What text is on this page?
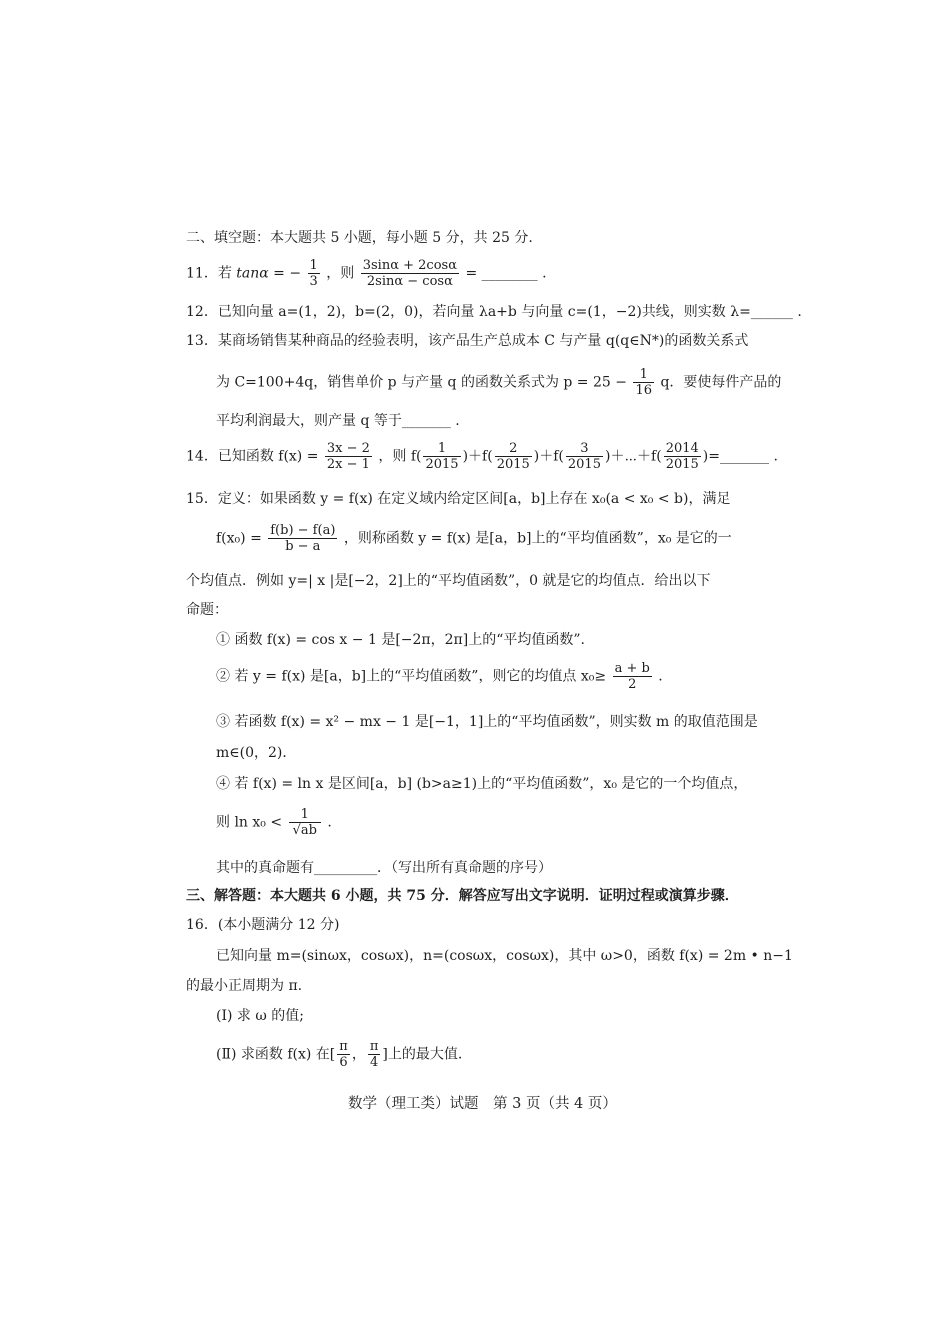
二、填空题：本大题共 5 小题，每小题 5 分，共 25 分.
11．若 tanα = − $\frac{1}{3}$ ，则 $\frac{3\sin\alpha + 2\cos\alpha}{2\sin\alpha - \cos\alpha}$ = ________ .
12．已知向量 a=(1，2)，b=(2，0)，若向量 λa+b 与向量 c=(1，−2)共线，则实数 λ=______ .
13．某商场销售某种商品的经验表明，该产品生产总成本 C 与产量 q(q∈N*)的函数关系式
为 C=100+4q，销售单价 p 与产量 q 的函数关系式为 $p = 25 - \frac{1}{16}$ q．要使每件产品的
平均利润最大，则产量 q 等于_______ .
14．已知函数 $f(x) = \frac{3x - 2}{2x - 1}$ ，则 $f( \frac{1}{2015} )+f( \frac{2}{2015} )+f( \frac{3}{2015}$ )＋⋯＋f( $\frac{2014}{2015}$ )=_______ .
15．定义：如果函数 y = f(x) 在定义域内给定区间[a，b]上存在 x₀(a < x₀ < b)，满足
$f(x_0) = \frac{f(b) - f(a)}{b - a}$ ，则称函数 y = f(x) 是[a，b]上的“平均值函数”，x₀ 是它的一
个均值点．例如 y=| x |是[−2，2]上的“平均值函数”，0 就是它的均值点．给出以下
命题：
① 函数 f(x) = cos x − 1 是[−2π，2π]上的“平均值函数”.
② 若 y = f(x) 是[a，b]上的“平均值函数”，则它的均值点 $x_0\ge \frac{a + b}{2}$ .
③ 若函数 f(x) = x² − mx − 1 是[−1，1]上的“平均值函数”，则实数 m 的取值范围是
m∈(0，2)．
④ 若 f(x) = ln x 是区间[a，b] (b>a≥1)上的“平均值函数”，x₀ 是它的一个均值点，
则 $\ln x_0 < \frac{1}{√ab}$ .
其中的真命题有_________．（写出所有真命题的序号）
三、解答题：本大题共 6 小题，共 75 分．解答应写出文字说明．证明过程或演算步骤．
16．(本小题满分 12 分)
已知向量 m=(sinωx，cosωx)，n=(cosωx，cosωx)，其中 ω>0，函数 f(x) = 2m • n−1
的最小正周期为 π.
(Ⅰ) 求 ω 的值;
(Ⅱ) 求函数 f(x) 在[ $\frac{\pi}{6}$ ， $\frac{\pi}{4}$ ]上的最大值.
数学（理工类）试题　第 3 页（共 4 页）
